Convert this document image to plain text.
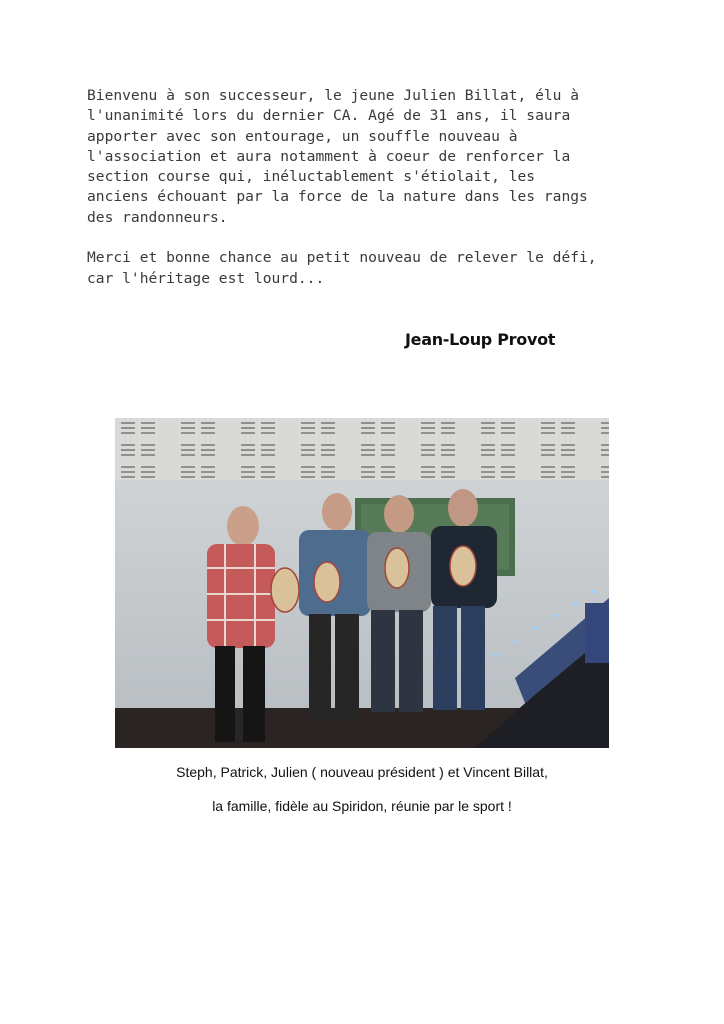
Bienvenu à son successeur, le jeune Julien Billat, élu à
l'unanimité lors du dernier CA. Agé de 31 ans, il saura
apporter avec son entourage, un souffle nouveau à
l'association et aura notamment à coeur de renforcer la
section course qui, inéluctablement s'étiolait, les
anciens échouant par la force de la nature dans les rangs
des randonneurs.

Merci et bonne chance au petit nouveau de relever le défi,
car l'héritage est lourd...

Jean-Loup Provot
Steph, Patrick, Julien ( nouveau président ) et Vincent Billat,
la famille, fidèle au Spiridon, réunie par le sport !
